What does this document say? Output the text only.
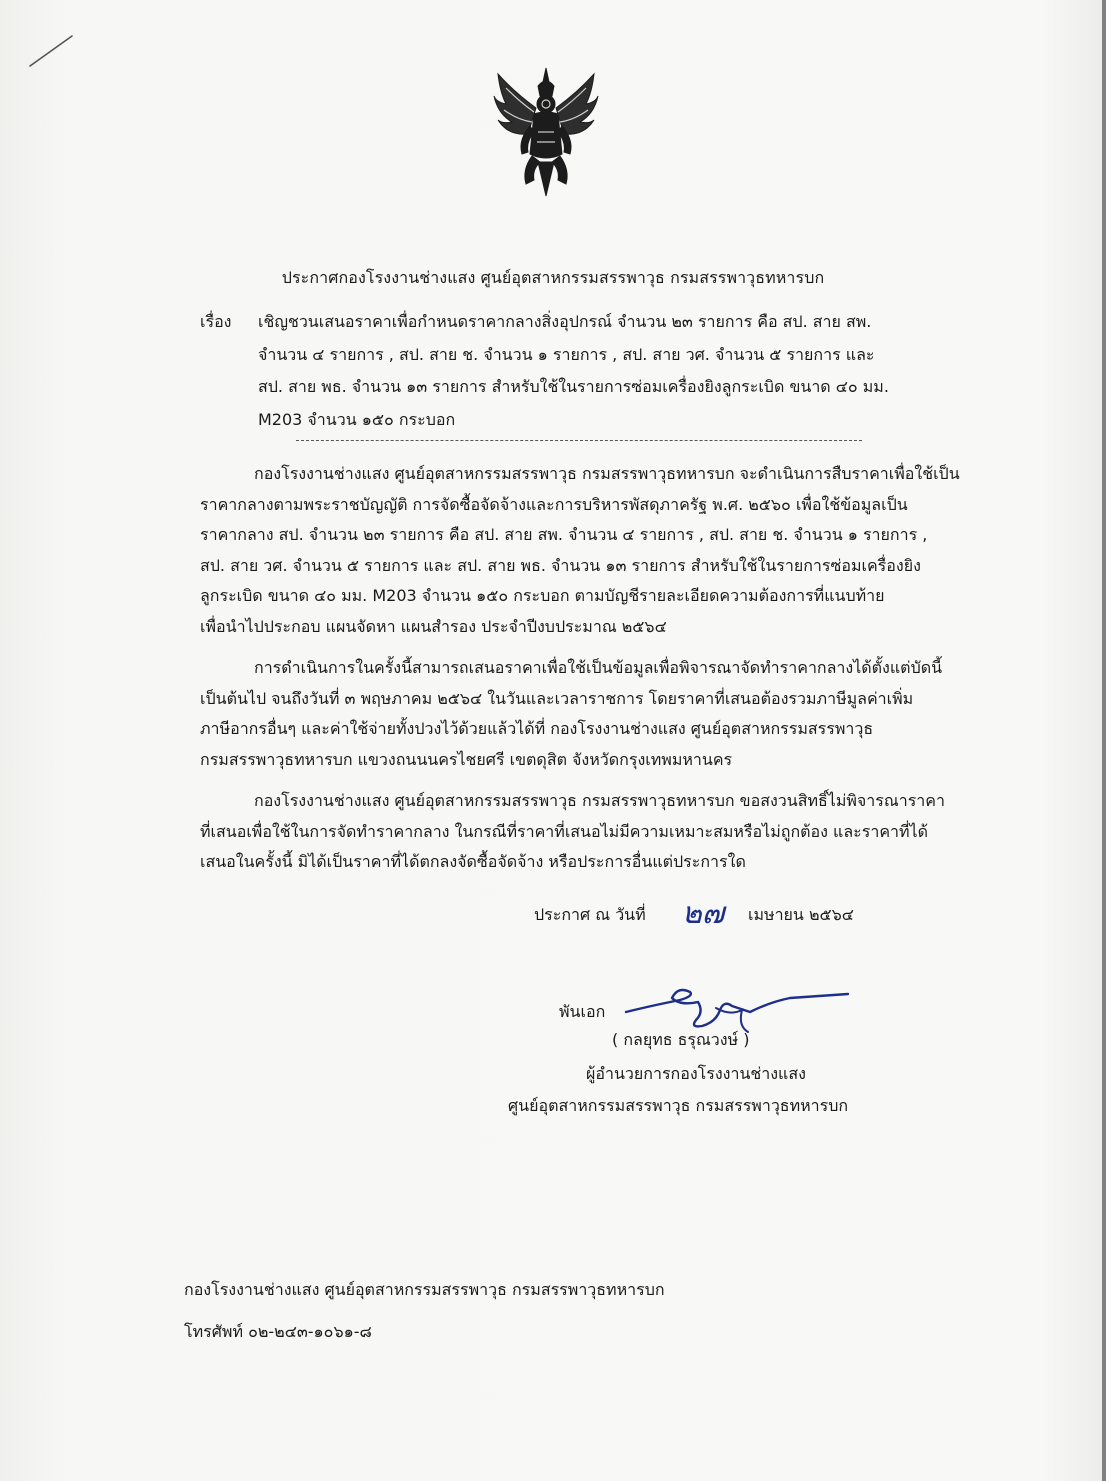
ประกาศกองโรงงานช่างแสง ศูนย์อุตสาหกรรมสรรพาวุธ กรมสรรพาวุธทหารบก
เรื่อง เชิญชวนเสนอราคาเพื่อกำหนดราคากลางสิ่งอุปกรณ์ จำนวน ๒๓ รายการ คือ สป. สาย สพ.
จำนวน ๔ รายการ , สป. สาย ช. จำนวน ๑ รายการ , สป. สาย วศ. จำนวน ๕ รายการ และ
สป. สาย พธ. จำนวน ๑๓ รายการ สำหรับใช้ในรายการซ่อมเครื่องยิงลูกระเบิด ขนาด ๔๐ มม.
M203 จำนวน ๑๕๐ กระบอก
กองโรงงานช่างแสง ศูนย์อุตสาหกรรมสรรพาวุธ กรมสรรพาวุธทหารบก จะดำเนินการสืบราคาเพื่อใช้เป็น
ราคากลางตามพระราชบัญญัติ การจัดซื้อจัดจ้างและการบริหารพัสดุภาครัฐ พ.ศ. ๒๕๖๐ เพื่อใช้ข้อมูลเป็น
ราคากลาง สป. จำนวน ๒๓ รายการ คือ สป. สาย สพ. จำนวน ๔ รายการ , สป. สาย ช. จำนวน ๑ รายการ ,
สป. สาย วศ. จำนวน ๕ รายการ และ สป. สาย พธ. จำนวน ๑๓ รายการ สำหรับใช้ในรายการซ่อมเครื่องยิง
ลูกระเบิด ขนาด ๔๐ มม. M203 จำนวน ๑๕๐ กระบอก ตามบัญชีรายละเอียดความต้องการที่แนบท้าย
เพื่อนำไปประกอบ แผนจัดหา แผนสำรอง ประจำปีงบประมาณ ๒๕๖๔
การดำเนินการในครั้งนี้สามารถเสนอราคาเพื่อใช้เป็นข้อมูลเพื่อพิจารณาจัดทำราคากลางได้ตั้งแต่บัดนี้
เป็นต้นไป จนถึงวันที่ ๓ พฤษภาคม ๒๕๖๔ ในวันและเวลาราชการ โดยราคาที่เสนอต้องรวมภาษีมูลค่าเพิ่ม
ภาษีอากรอื่นๆ และค่าใช้จ่ายทั้งปวงไว้ด้วยแล้วได้ที่ กองโรงงานช่างแสง ศูนย์อุตสาหกรรมสรรพาวุธ
กรมสรรพาวุธทหารบก แขวงถนนนครไชยศรี เขตดุสิต จังหวัดกรุงเทพมหานคร
กองโรงงานช่างแสง ศูนย์อุตสาหกรรมสรรพาวุธ กรมสรรพาวุธทหารบก ขอสงวนสิทธิ์ไม่พิจารณาราคา
ที่เสนอเพื่อใช้ในการจัดทำราคากลาง ในกรณีที่ราคาที่เสนอไม่มีความเหมาะสมหรือไม่ถูกต้อง และราคาที่ได้
เสนอในครั้งนี้ มิได้เป็นราคาที่ได้ตกลงจัดซื้อจัดจ้าง หรือประการอื่นแต่ประการใด
ประกาศ ณ วันที่ ๒๗ เมษายน ๒๕๖๔
พันเอก
( กลยุทธ ธรุณวงษ์ )
ผู้อำนวยการกองโรงงานช่างแสง
ศูนย์อุตสาหกรรมสรรพาวุธ กรมสรรพาวุธทหารบก
กองโรงงานช่างแสง ศูนย์อุตสาหกรรมสรรพาวุธ กรมสรรพาวุธทหารบก
โทรศัพท์ ๐๒-๒๔๓-๑๐๖๑-๘
